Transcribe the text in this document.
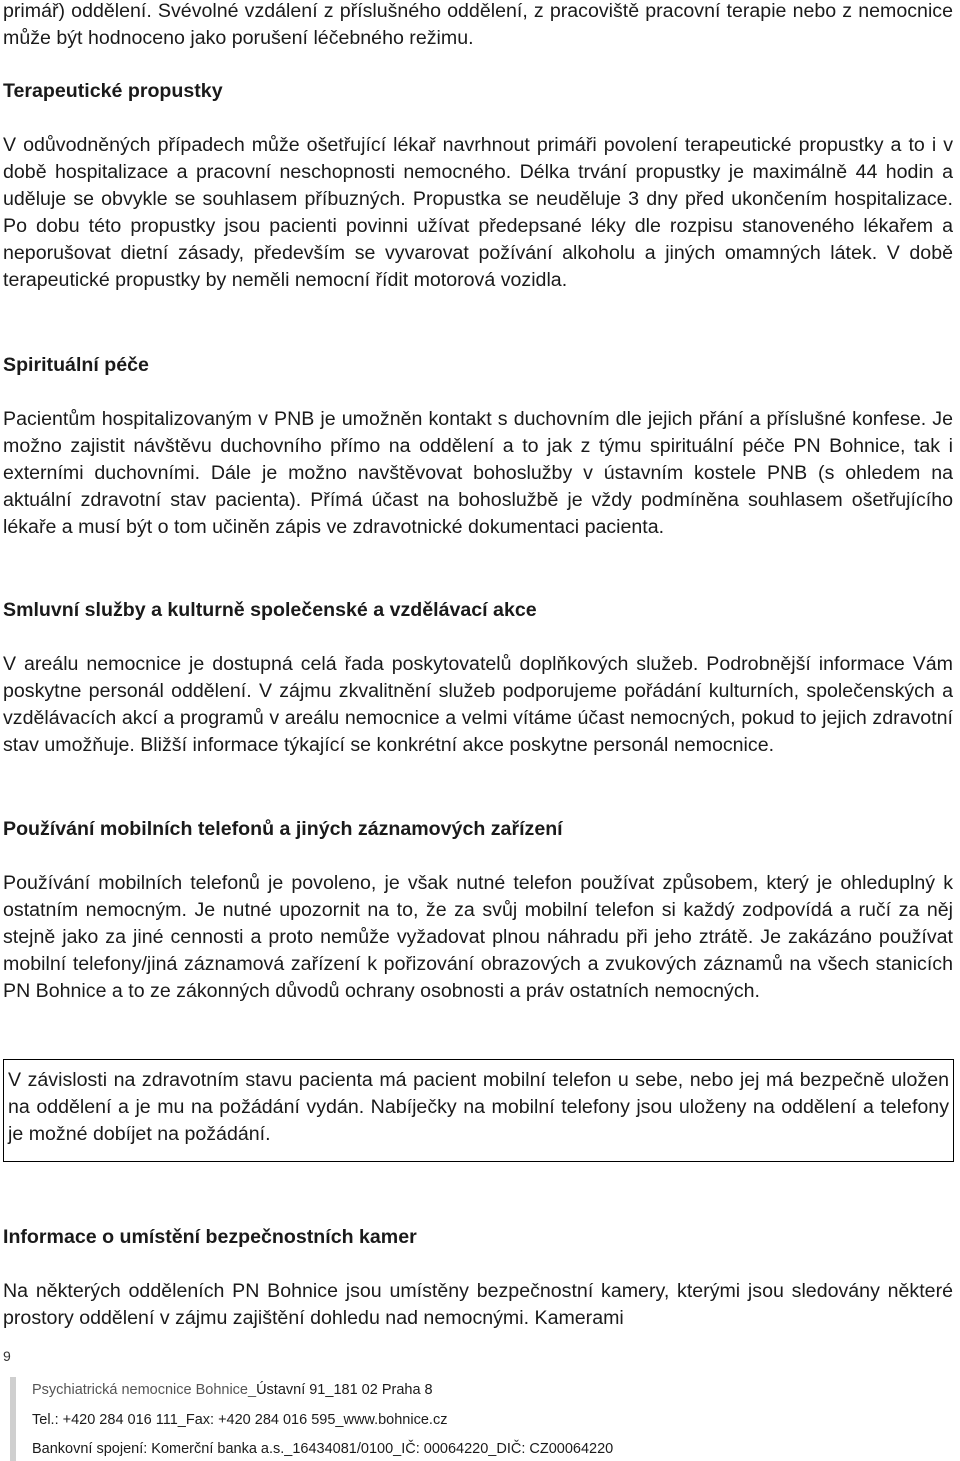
primář) oddělení. Svévolné vzdálení z příslušného oddělení, z pracoviště pracovní terapie nebo z nemocnice může být hodnoceno jako porušení léčebného režimu.

Terapeutické propustky

V odůvodněných případech může ošetřující lékař navrhnout primáři povolení terapeutické propustky a to i v době hospitalizace a pracovní neschopnosti nemocného. Délka trvání propustky je maximálně 44 hodin a uděluje se obvykle se souhlasem příbuzných. Propustka se neuděluje 3 dny před ukončením hospitalizace. Po dobu této propustky jsou pacienti povinni užívat předepsané léky dle rozpisu stanoveného lékařem a neporušovat dietní zásady, především se vyvarovat požívání alkoholu a jiných omamných látek. V době terapeutické propustky by neměli nemocní řídit motorová vozidla.

Spirituální péče

Pacientům hospitalizovaným v PNB je umožněn kontakt s duchovním dle jejich přání a příslušné konfese. Je možno zajistit návštěvu duchovního přímo na oddělení a to jak z týmu spirituální péče PN Bohnice, tak i externími duchovními. Dále je možno navštěvovat bohoslužby v ústavním kostele PNB (s ohledem na aktuální zdravotní stav pacienta). Přímá účast na bohoslužbě je vždy podmíněna souhlasem ošetřujícího lékaře a musí být o tom učiněn zápis ve zdravotnické dokumentaci pacienta.

Smluvní služby a kulturně společenské a vzdělávací akce

V areálu nemocnice je dostupná celá řada poskytovatelů doplňkových služeb. Podrobnější informace Vám poskytne personál oddělení. V zájmu zkvalitnění služeb podporujeme pořádání kulturních, společenských a vzdělávacích akcí a programů v areálu nemocnice a velmi vítáme účast nemocných, pokud to jejich zdravotní stav umožňuje. Bližší informace týkající se konkrétní akce poskytne personál nemocnice.

Používání mobilních telefonů a jiných záznamových zařízení

Používání mobilních telefonů je povoleno, je však nutné telefon používat způsobem, který je ohleduplný k ostatním nemocným. Je nutné upozornit na to, že za svůj mobilní telefon si každý zodpovídá a ručí za něj stejně jako za jiné cennosti a proto nemůže vyžadovat plnou náhradu při jeho ztrátě. Je zakázáno používat mobilní telefony/jiná záznamová zařízení k pořizování obrazových a zvukových záznamů na všech stanicích PN Bohnice a to ze zákonných důvodů ochrany osobnosti a práv ostatních nemocných.

V závislosti na zdravotním stavu pacienta má pacient mobilní telefon u sebe, nebo jej má bezpečně uložen na oddělení a je mu na požádání vydán. Nabíječky na mobilní telefony jsou uloženy na oddělení a telefony je možné dobíjet na požádání.

Informace o umístění bezpečnostních kamer

Na některých odděleních PN Bohnice jsou umístěny bezpečnostní kamery, kterými jsou sledovány některé prostory oddělení v zájmu zajištění dohledu nad nemocnými. Kamerami

9
Psychiatrická nemocnice Bohnice_Ústavní 91_181 02 Praha 8
Tel.: +420 284 016 111_Fax: +420 284 016 595_www.bohnice.cz
Bankovní spojení: Komerční banka a.s._16434081/0100_IČ: 00064220_DIČ: CZ00064220
